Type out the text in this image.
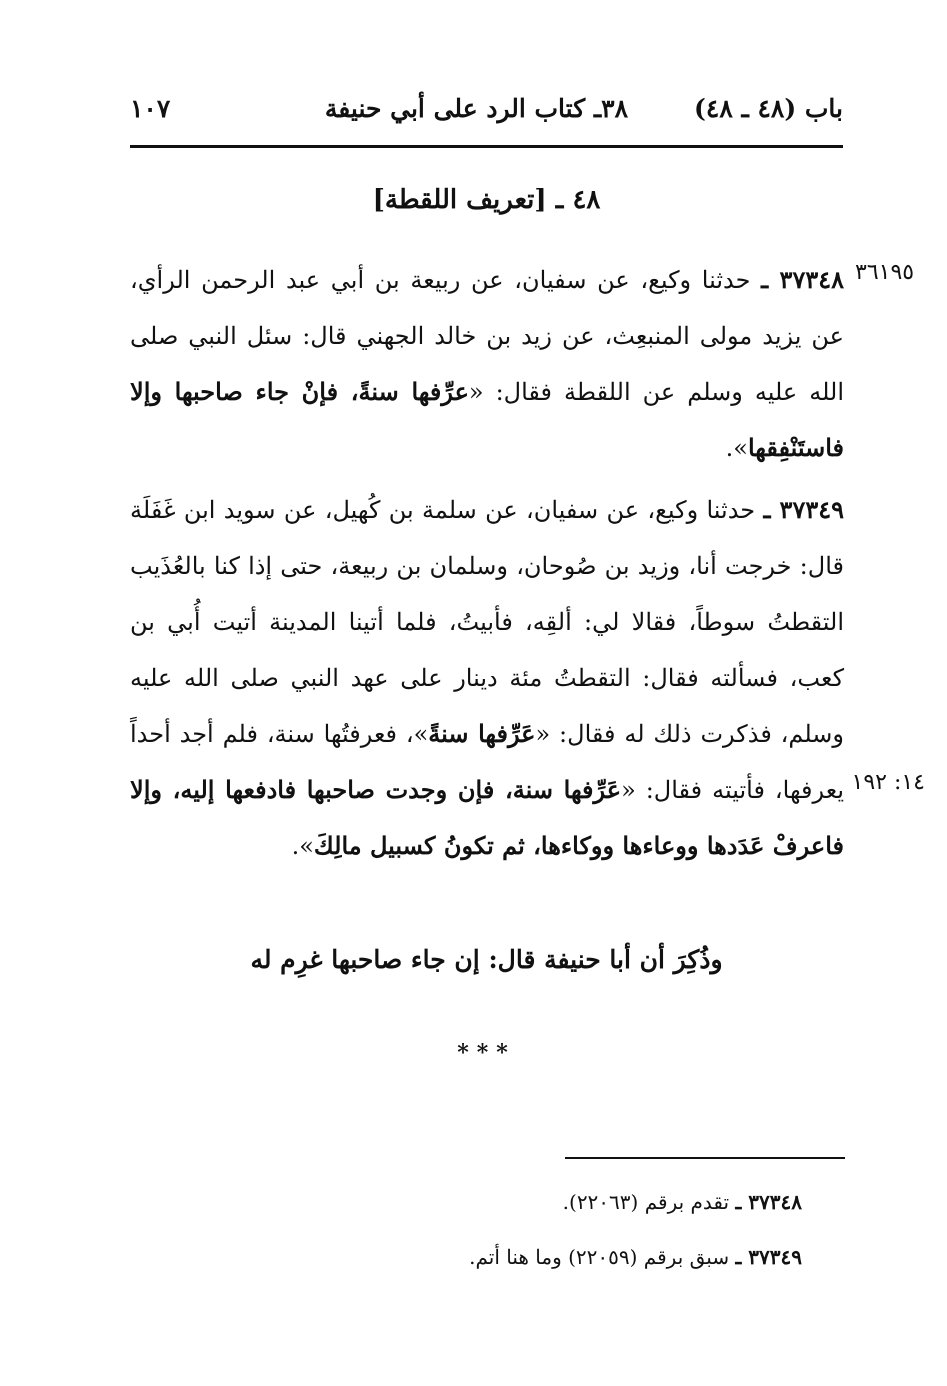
باب (٤٨ ـ ٤٨)
٣٨ـ كتاب الرد على أبي حنيفة
١٠٧
٤٨ ـ [تعريف اللقطة]
٣٦١٩٥
٣٧٣٤٨ ـ حدثنا وكيع، عن سفيان، عن ربيعة بن أبي عبد الرحمن الرأي، عن يزيد مولى المنبعِث، عن زيد بن خالد الجهني قال: سئل النبي صلى الله عليه وسلم عن اللقطة فقال: «عرِّفها سنةً، فإنْ جاء صاحبها وإلا فاستَنْفِقها».
١٤: ١٩٢
٣٧٣٤٩ ـ حدثنا وكيع، عن سفيان، عن سلمة بن كُهيل، عن سويد ابن غَفَلَة قال: خرجت أنا، وزيد بن صُوحان، وسلمان بن ربيعة، حتى إذا كنا بالعُذَيب التقطتُ سوطاً، فقالا لي: ألقِه، فأبيتُ، فلما أتينا المدينة أتيت أُبي بن كعب، فسألته فقال: التقطتُ مئة دينار على عهد النبي صلى الله عليه وسلم، فذكرت ذلك له فقال: «عَرِّفها سنةً»، فعرفتُها سنة، فلم أجد أحداً يعرفها، فأتيته فقال: «عَرِّفها سنة، فإن وجدت صاحبها فادفعها إليه، وإلا فاعرفْ عَدَدها ووعاءها ووكاءها، ثم تكونُ كسبيل مالِكَ».
وذُكِرَ أن أبا حنيفة قال: إن جاء صاحبها غرِم له
***
٣٧٣٤٨ ـ تقدم برقم (٢٢٠٦٣).
٣٧٣٤٩ ـ سبق برقم (٢٢٠٥٩) وما هنا أتم.
